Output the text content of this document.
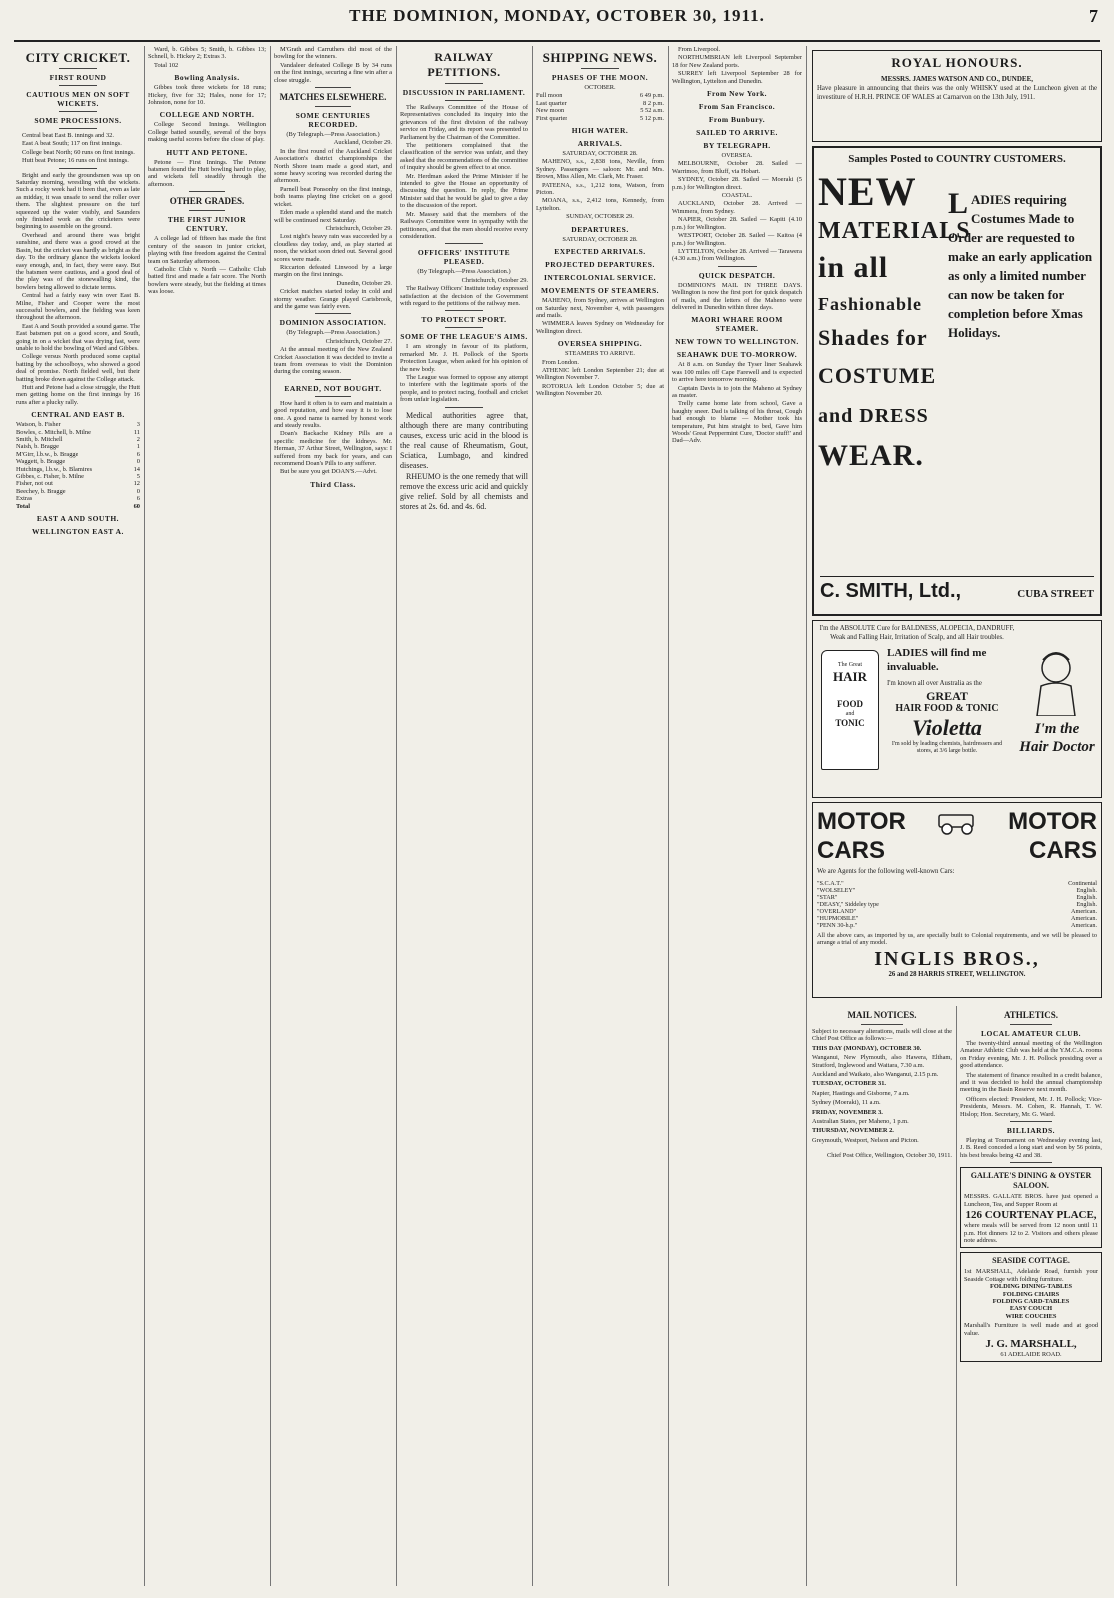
THE DOMINION, MONDAY, OCTOBER 30, 1911.	7
CITY CRICKET.
FIRST ROUND
CAUTIOUS MEN ON SOFT WICKETS.
SOME PROCESSIONS.

Central beat East B. innings and 32.

East A beat South; 117 on first innings.

College beat North; 60 runs on first innings.

Hutt beat Petone; 16 runs on first innings.

Bright and early the groundsmen was up on Saturday morning, wrestling with the wickets. Such a rocky week had it been that, even as late as midday, it was unsafe to send the roller over them. The slightest pressure on the turf squeezed up the water visibly, and Saunders only finished work as the cricketers were beginning to assemble on the ground.

Overhead and around there was bright sunshine, and there was a good crowd at the Basin, but the cricket was hardly as bright as the day. To the ordinary glance the wickets looked easy enough, and, in fact, they were easy. But the batsmen were cautious, and a good deal of the play was of the stonewalling kind, the bowlers being allowed to dictate terms.

Central had a fairly easy win over East B. Milne, Fisher and Cooper were the most successful bowlers, and the fielding was keen throughout the afternoon.

East A and South provided a sound game. The East batsmen put on a good score, and South, going in on a wicket that was drying fast, were unable to hold the bowling of Ward and Gibbes.

College versus North produced some capital batting by the schoolboys, who showed a good deal of promise. North fielded well, but their batting broke down against the College attack.

Hutt and Petone had a close struggle, the Hutt men getting home on the first innings by 16 runs after a plucky rally.

CENTRAL AND EAST B.
Watson, b. Fisher	3
Bowles, c. Mitchell, b. Milne	11
Smith, b. Mitchell	2
Naish, b. Bragge	1
M'Girr, l.b.w., b. Bragge	6
Waggett, b. Bragge	0
Hutchings, l.b.w., b. Blamires	14
Gibbes, c. Fisher, b. Milne	5
Fisher, not out	12
Beechey, b. Bragge	0
Extras	6
Total	60
EAST A AND SOUTH.
WELLINGTON EAST A.

Ward, b. Gibbes 5; Smith, b. Gibbes 13; Schnell, b. Hickey 2; Extras 3.

Total 102

Bowling Analysis.

Gibbes took three wickets for 18 runs; Hickey, five for 32; Hales, none for 17; Johnston, none for 10.

COLLEGE AND NORTH.

College Second Innings. Wellington College batted soundly, several of the boys making useful scores before the close of play.

HUTT AND PETONE.

Petone — First Innings. The Petone batsmen found the Hutt bowling hard to play, and wickets fell steadily through the afternoon.

OTHER GRADES.
THE FIRST JUNIOR CENTURY.

A college lad of fifteen has made the first century of the season in junior cricket, playing with fine freedom against the Central team on Saturday afternoon.

Catholic Club v. North — Catholic Club batted first and made a fair score. The North bowlers were steady, but the fielding at times was loose.

M'Grath and Carruthers did most of the bowling for the winners.

Vandaleer defeated College B by 34 runs on the first innings, securing a fine win after a close struggle.

MATCHES ELSEWHERE.
SOME CENTURIES RECORDED.
(By Telegraph.—Press Association.)
Auckland, October 29.

In the first round of the Auckland Cricket Association's district championships the North Shore team made a good start, and some heavy scoring was recorded during the afternoon.

Parnell beat Ponsonby on the first innings, both teams playing fine cricket on a good wicket.

Eden made a splendid stand and the match will be continued next Saturday.

Christchurch, October 29.

Lost night's heavy rain was succeeded by a cloudless day today, and, as play started at noon, the wicket soon dried out. Several good scores were made.

Riccarton defeated Linwood by a large margin on the first innings.

Dunedin, October 29.

Cricket matches started today in cold and stormy weather. Grange played Carisbrook, and the game was fairly even.

DOMINION ASSOCIATION.
(By Telegraph.—Press Association.)
Christchurch, October 27.

At the annual meeting of the New Zealand Cricket Association it was decided to invite a team from overseas to visit the Dominion during the coming season.

EARNED, NOT BOUGHT.

How hard it often is to earn and maintain a good reputation, and how easy it is to lose one. A good name is earned by honest work and steady results.

Doan's Backache Kidney Pills are a specific medicine for the kidneys. Mr. Herman, 37 Arthur Street, Wellington, says: I suffered from my back for years, and can recommend Doan's Pills to any sufferer.

But be sure you get DOAN'S.—Advt.

Third Class.
RAILWAY PETITIONS.
DISCUSSION IN PARLIAMENT.

The Railways Committee of the House of Representatives concluded its inquiry into the grievances of the first division of the railway service on Friday, and its report was presented to Parliament by the Chairman of the Committee.

The petitioners complained that the classification of the service was unfair, and they asked that the recommendations of the committee of inquiry should be given effect to at once.

Mr. Herdman asked the Prime Minister if he intended to give the House an opportunity of discussing the question. In reply, the Prime Minister said that he would be glad to give a day to the discussion of the report.

Mr. Massey said that the members of the Railways Committee were in sympathy with the petitioners, and that the men should receive every consideration.

OFFICERS' INSTITUTE PLEASED.
(By Telegraph.—Press Association.)
Christchurch, October 29.

The Railway Officers' Institute today expressed satisfaction at the decision of the Government with regard to the petitions of the railway men.

TO PROTECT SPORT.
SOME OF THE LEAGUE'S AIMS.

I am strongly in favour of its platform, remarked Mr. J. H. Pollock of the Sports Protection League, when asked for his opinion of the new body.

The League was formed to oppose any attempt to interfere with the legitimate sports of the people, and to protect racing, football and cricket from unfair legislation.

Medical authorities agree that, although there are many contributing causes, excess uric acid in the blood is the real cause of Rheumatism, Gout, Sciatica, Lumbago, and kindred diseases.

RHEUMO is the one remedy that will remove the excess uric acid and quickly give relief. Sold by all chemists and stores at 2s. 6d. and 4s. 6d.

SHIPPING NEWS.
PHASES OF THE MOON.
OCTOBER.
Full moon	6 49 p.m.
Last quarter	8 2 p.m.
New moon	5 52 a.m.
First quarter	5 12 p.m.
HIGH WATER.
ARRIVALS.
SATURDAY, OCTOBER 28.

MAHENO, s.s., 2,838 tons, Neville, from Sydney. Passengers — saloon: Mr. and Mrs. Brown, Miss Allen, Mr. Clark, Mr. Fraser.

PATEENA, s.s., 1,212 tons, Watson, from Picton.

MOANA, s.s., 2,412 tons, Kennedy, from Lyttelton.

SUNDAY, OCTOBER 29.
DEPARTURES.
SATURDAY, OCTOBER 28.
EXPECTED ARRIVALS.
PROJECTED DEPARTURES.
INTERCOLONIAL SERVICE.
MOVEMENTS OF STEAMERS.

MAHENO, from Sydney, arrives at Wellington on Saturday next, November 4, with passengers and mails.

WIMMERA leaves Sydney on Wednesday for Wellington direct.

OVERSEA SHIPPING.
STEAMERS TO ARRIVE.

From London.

ATHENIC left London September 21; due at Wellington November 7.

ROTORUA left London October 5; due at Wellington November 20.

From Liverpool.

NORTHUMBRIAN left Liverpool September 18 for New Zealand ports.

SURREY left Liverpool September 28 for Wellington, Lyttelton and Dunedin.

From New York.
From San Francisco.
From Bunbury.
SAILED TO ARRIVE.
BY TELEGRAPH.
OVERSEA.

MELBOURNE, October 28. Sailed — Warrimoo, from Bluff, via Hobart.

SYDNEY, October 28. Sailed — Moeraki (5 p.m.) for Wellington direct.

COASTAL.

AUCKLAND, October 28. Arrived — Wimmera, from Sydney.

NAPIER, October 28. Sailed — Kapiti (4.10 p.m.) for Wellington.

WESTPORT, October 28. Sailed — Kaitoa (4 p.m.) for Wellington.

LYTTELTON, October 28. Arrived — Tarawera (4.30 a.m.) from Wellington.

QUICK DESPATCH.

DOMINION'S MAIL IN THREE DAYS. Wellington is now the first port for quick despatch of mails, and the letters of the Maheno were delivered in Dunedin within three days.

MAORI WHARE ROOM STEAMER.
NEW TOWN TO WELLINGTON.
SEAHAWK DUE TO-MORROW.

At 8 a.m. on Sunday the Tyser liner Seahawk was 100 miles off Cape Farewell and is expected to arrive here tomorrow morning.

Captain Davis is to join the Maheno at Sydney as master.

Trelly came home late from school, Gave a haughty sneer. Dad is talking of his throat, Cough bad enough to blame — Mother took his temperature, Put him straight to bed, Gave him Woods' Great Peppermint Cure, 'Doctor stuff!' and Dad—Adv.

ROYAL HONOURS.
MESSRS. JAMES WATSON AND CO., DUNDEE,
Have pleasure in announcing that theirs was the only WHISKY used at the Luncheon given at the investiture of H.R.H. PRINCE OF WALES at Carnarvon on the 13th July, 1911.
Samples Posted to COUNTRY CUSTOMERS.
NEW
MATERIALS
in all
Fashionable
Shades for
COSTUME
and DRESS
WEAR.
L ADIES requiring Costumes Made to Order are requested to make an early application as only a limited number can now be taken for completion before Xmas Holidays.
C. SMITH, Ltd.,	CUBA STREET
I'm the ABSOLUTE Cure for BALDNESS, ALOPECIA, DANDRUFF,
Weak and Falling Hair, Irritation of Scalp, and all Hair troubles.
The Great
HAIR
FOOD
and
TONIC
LADIES will find me invaluable.
I'm known all over Australia as the
GREAT
HAIR FOOD & TONIC
Violetta
I'm sold by leading chemists, hairdressers and stores, at 3/6 large bottle.
I'm the Hair Doctor
MOTOR	MOTOR
CARS	CARS
We are Agents for the following well-known Cars:
"S.C.A.T."	Continental
"WOLSELEY"	English.
"STAR"	English.
"DEASY," Siddeley type	English.
"OVERLAND"	American.
"HUPMOBILE"	American.
"PENN 30-h.p."	American.
All the above cars, as imported by us, are specially built to Colonial requirements, and we will be pleased to arrange a trial of any model.
INGLIS BROS.,
26 and 28 HARRIS STREET, WELLINGTON.
MAIL NOTICES.

Subject to necessary alterations, mails will close at the Chief Post Office as follows:—

THIS DAY (MONDAY), OCTOBER 30.

Wanganui, New Plymouth, also Hawera, Eltham, Stratford, Inglewood and Waitara, 7.30 a.m.

Auckland and Waikato, also Wanganui, 2.15 p.m.

TUESDAY, OCTOBER 31.

Napier, Hastings and Gisborne, 7 a.m.

Sydney (Moeraki), 11 a.m.

FRIDAY, NOVEMBER 3.

Australian States, per Maheno, 1 p.m.

THURSDAY, NOVEMBER 2.

Greymouth, Westport, Nelson and Picton.

Chief Post Office, Wellington, October 30, 1911.

ATHLETICS.
LOCAL AMATEUR CLUB.

The twenty-third annual meeting of the Wellington Amateur Athletic Club was held at the Y.M.C.A. rooms on Friday evening, Mr. J. H. Pollock presiding over a good attendance.

The statement of finance resulted in a credit balance, and it was decided to hold the annual championship meeting in the Basin Reserve next month.

Officers elected: President, Mr. J. H. Pollock; Vice-Presidents, Messrs. M. Cohen, R. Hannah, T. W. Hislop; Hon. Secretary, Mr. G. Ward.

BILLIARDS.

Playing at Tournament on Wednesday evening last, J. B. Reed conceded a long start and won by 56 points, his best breaks being 42 and 38.

GALLATE'S DINING & OYSTER SALOON.
MESSRS. GALLATE BROS. have just opened a Luncheon, Tea, and Supper Room at
126 COURTENAY PLACE,
where meals will be served from 12 noon until 11 p.m. Hot dinners 12 to 2. Visitors and others please note address.
SEASIDE COTTAGE.
1st MARSHALL, Adelaide Road, furnish your Seaside Cottage with folding furniture.
FOLDING DINING-TABLES
FOLDING CHAIRS
FOLDING CARD-TABLES
EASY COUCH
WIRE COUCHES
Marshall's Furniture is well made and at good value.
J. G. MARSHALL,
61 ADELAIDE ROAD.
